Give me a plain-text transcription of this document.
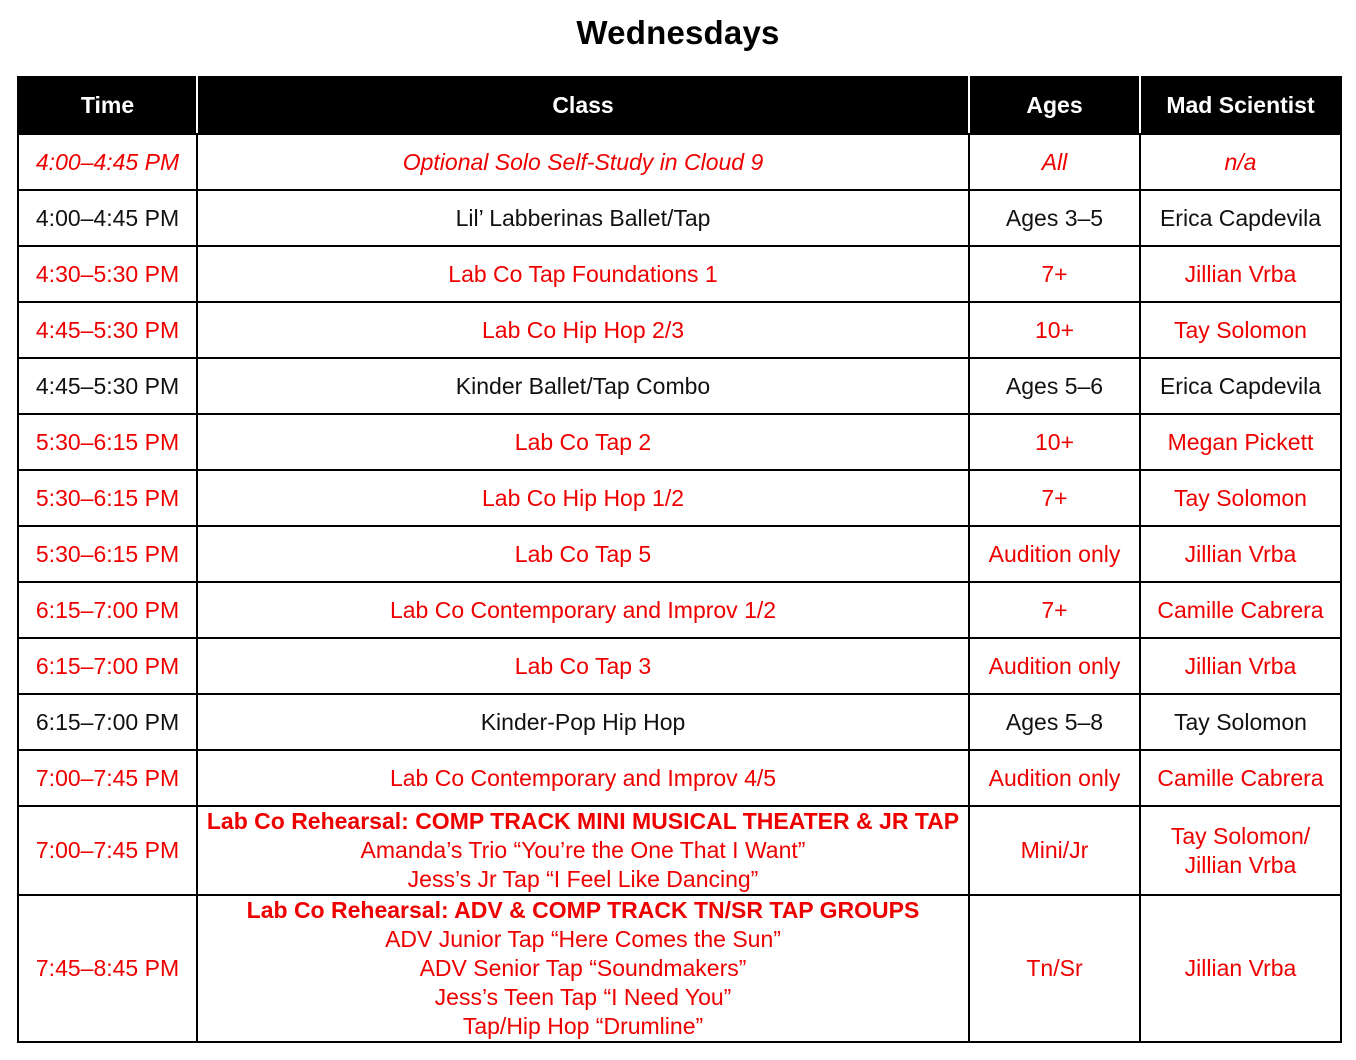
Wednesdays
Time	Class	Ages	Mad Scientist
4:00–4:45 PM	Optional Solo Self-Study in Cloud 9	All	n/a
4:00–4:45 PM	Lil’ Labberinas Ballet/Tap	Ages 3–5	Erica Capdevila
4:30–5:30 PM	Lab Co Tap Foundations 1	7+	Jillian Vrba
4:45–5:30 PM	Lab Co Hip Hop 2/3	10+	Tay Solomon
4:45–5:30 PM	Kinder Ballet/Tap Combo	Ages 5–6	Erica Capdevila
5:30–6:15 PM	Lab Co Tap 2	10+	Megan Pickett
5:30–6:15 PM	Lab Co Hip Hop 1/2	7+	Tay Solomon
5:30–6:15 PM	Lab Co Tap 5	Audition only	Jillian Vrba
6:15–7:00 PM	Lab Co Contemporary and Improv 1/2	7+	Camille Cabrera
6:15–7:00 PM	Lab Co Tap 3	Audition only	Jillian Vrba
6:15–7:00 PM	Kinder-Pop Hip Hop	Ages 5–8	Tay Solomon
7:00–7:45 PM	Lab Co Contemporary and Improv 4/5	Audition only	Camille Cabrera
7:00–7:45 PM	Lab Co Rehearsal: COMP TRACK MINI MUSICAL THEATER & JR TAP
Amanda’s Trio “You’re the One That I Want”
Jess’s Jr Tap “I Feel Like Dancing”	Mini/Jr	Tay Solomon/
Jillian Vrba

7:45–8:45 PM	Lab Co Rehearsal: ADV & COMP TRACK TN/SR TAP GROUPS
ADV Junior Tap “Here Comes the Sun”
ADV Senior Tap “Soundmakers”
Jess’s Teen Tap “I Need You”
Tap/Hip Hop “Drumline”	Tn/Sr	Jillian Vrba
